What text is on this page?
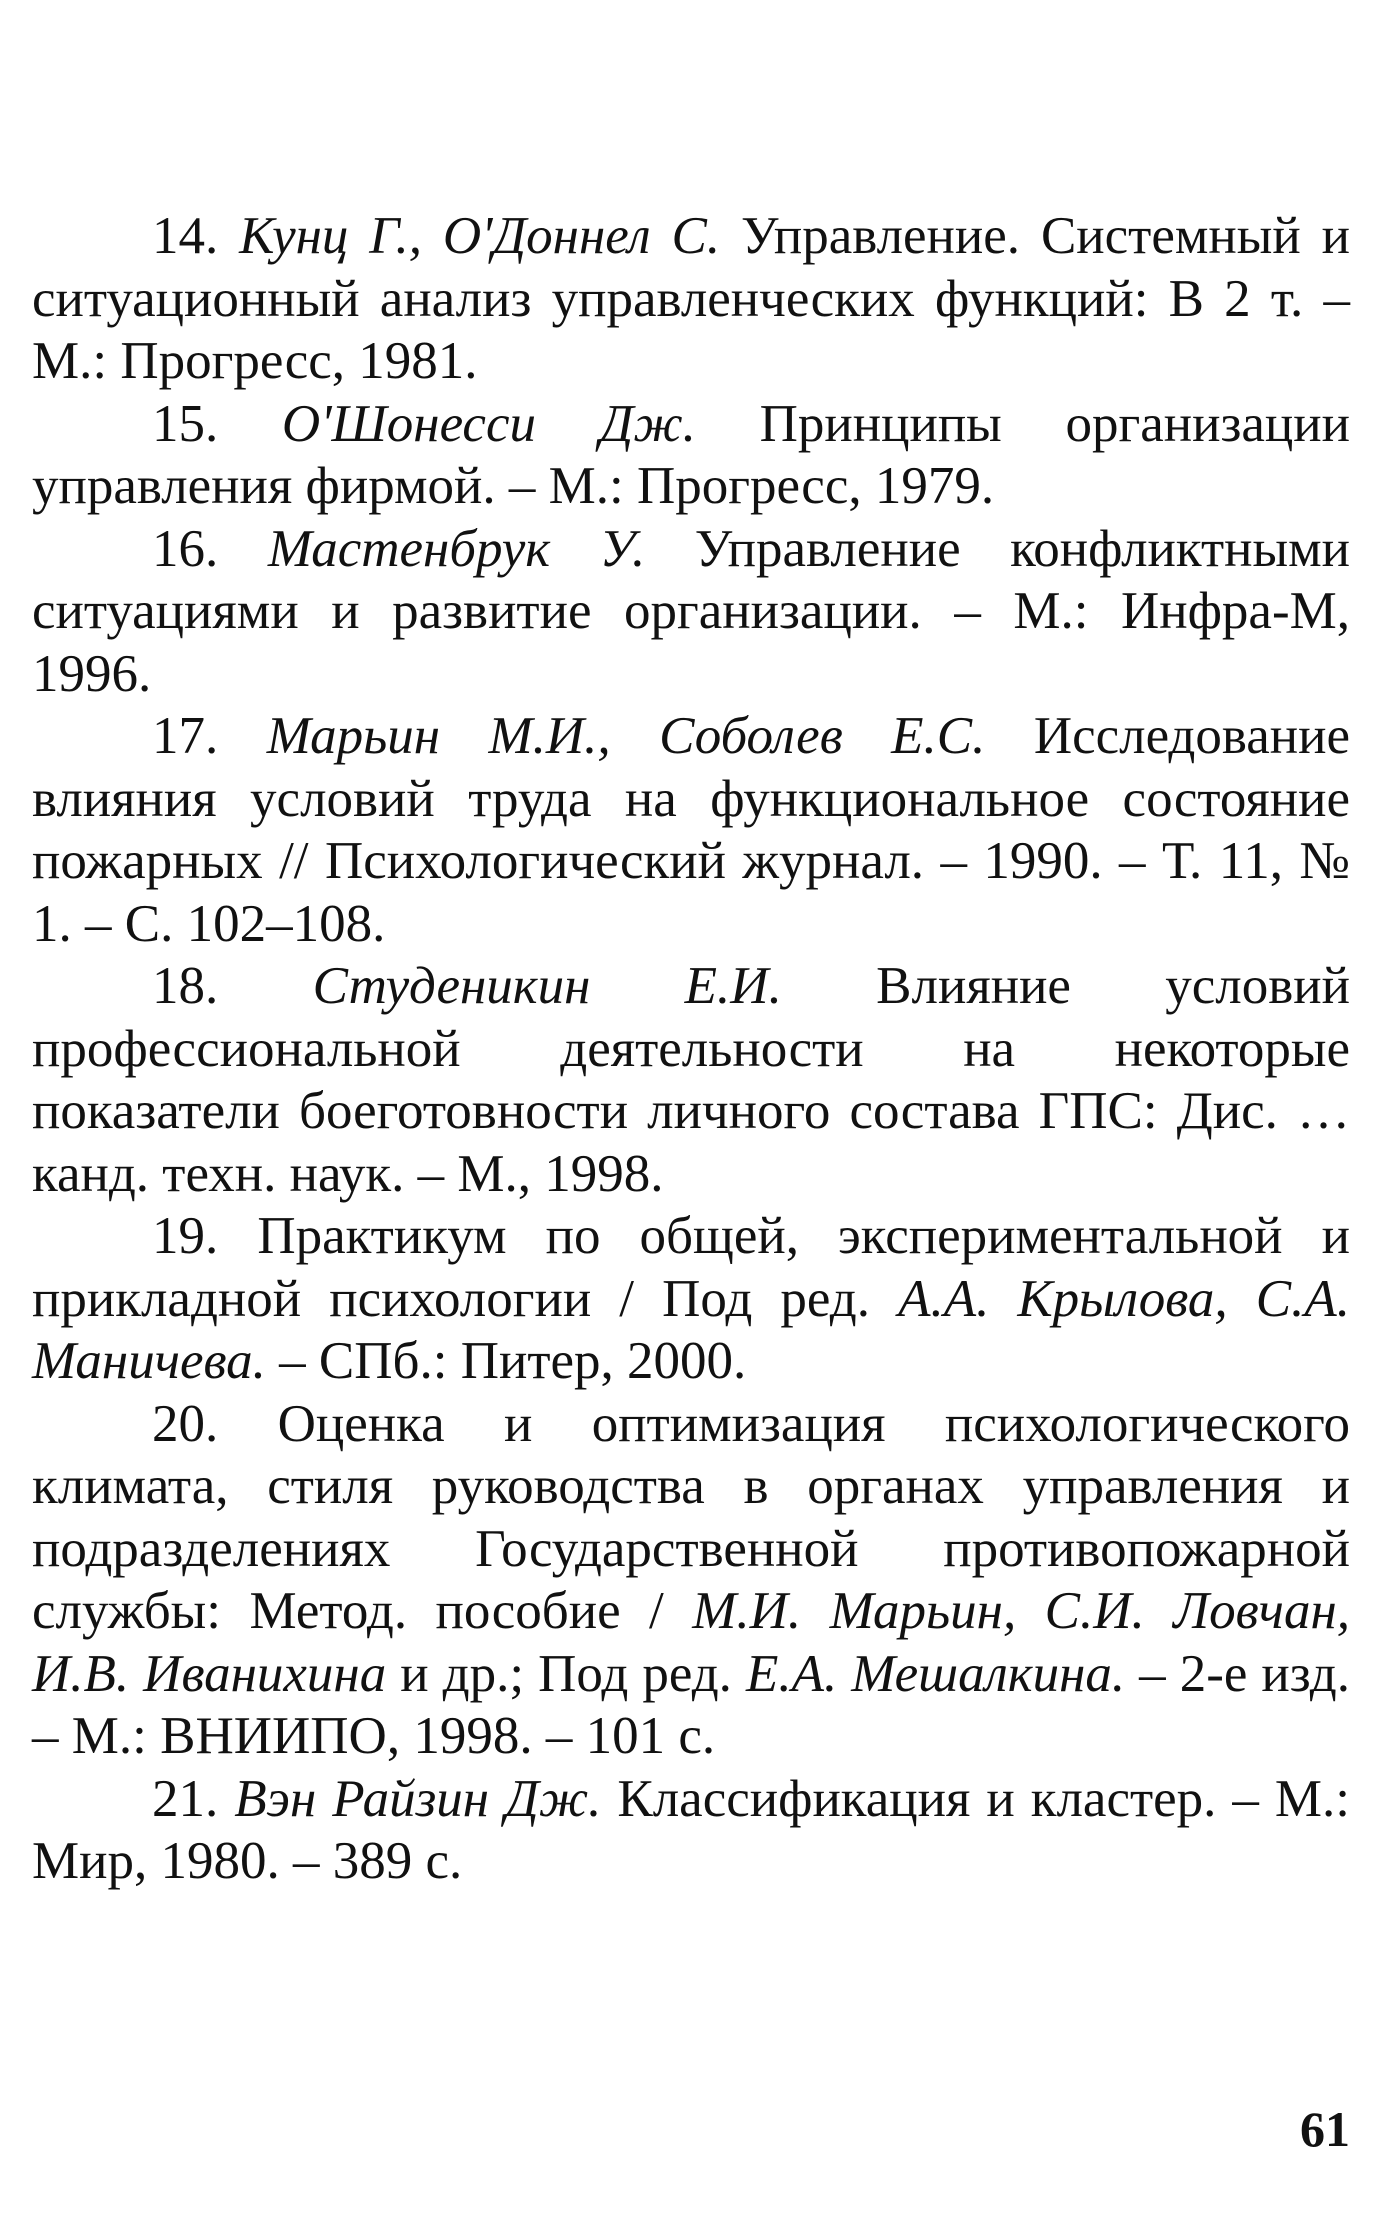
14. Кунц Г., О'Доннел С. Управление. Системный и ситуационный анализ управленческих функций: В 2 т. – М.: Прогресс, 1981.

15. О'Шонесси Дж. Принципы организации управления фирмой. – М.: Прогресс, 1979.

16. Мастенбрук У. Управление конфликтными ситуациями и развитие организации. – М.: Инфра-М, 1996.

17. Марьин М.И., Соболев Е.С. Исследование влияния условий труда на функциональное состояние пожарных // Психологический журнал. – 1990. – Т. 11, № 1. – С. 102–108.

18. Студеникин Е.И. Влияние условий профессиональной деятельности на некоторые показатели боеготовности личного состава ГПС: Дис. … канд. техн. наук. – М., 1998.

19. Практикум по общей, экспериментальной и прикладной психологии / Под ред. А.А. Крылова, С.А. Маничева. – СПб.: Питер, 2000.

20. Оценка и оптимизация психологического климата, стиля руководства в органах управления и подразделениях Государственной противопожарной службы: Метод. пособие / М.И. Марьин, С.И. Ловчан, И.В. Иванихина и др.; Под ред. Е.А. Мешалкина. – 2-е изд. – М.: ВНИИПО, 1998. – 101 с.

21. Вэн Райзин Дж. Классификация и кластер. – М.: Мир, 1980. – 389 с.

61
